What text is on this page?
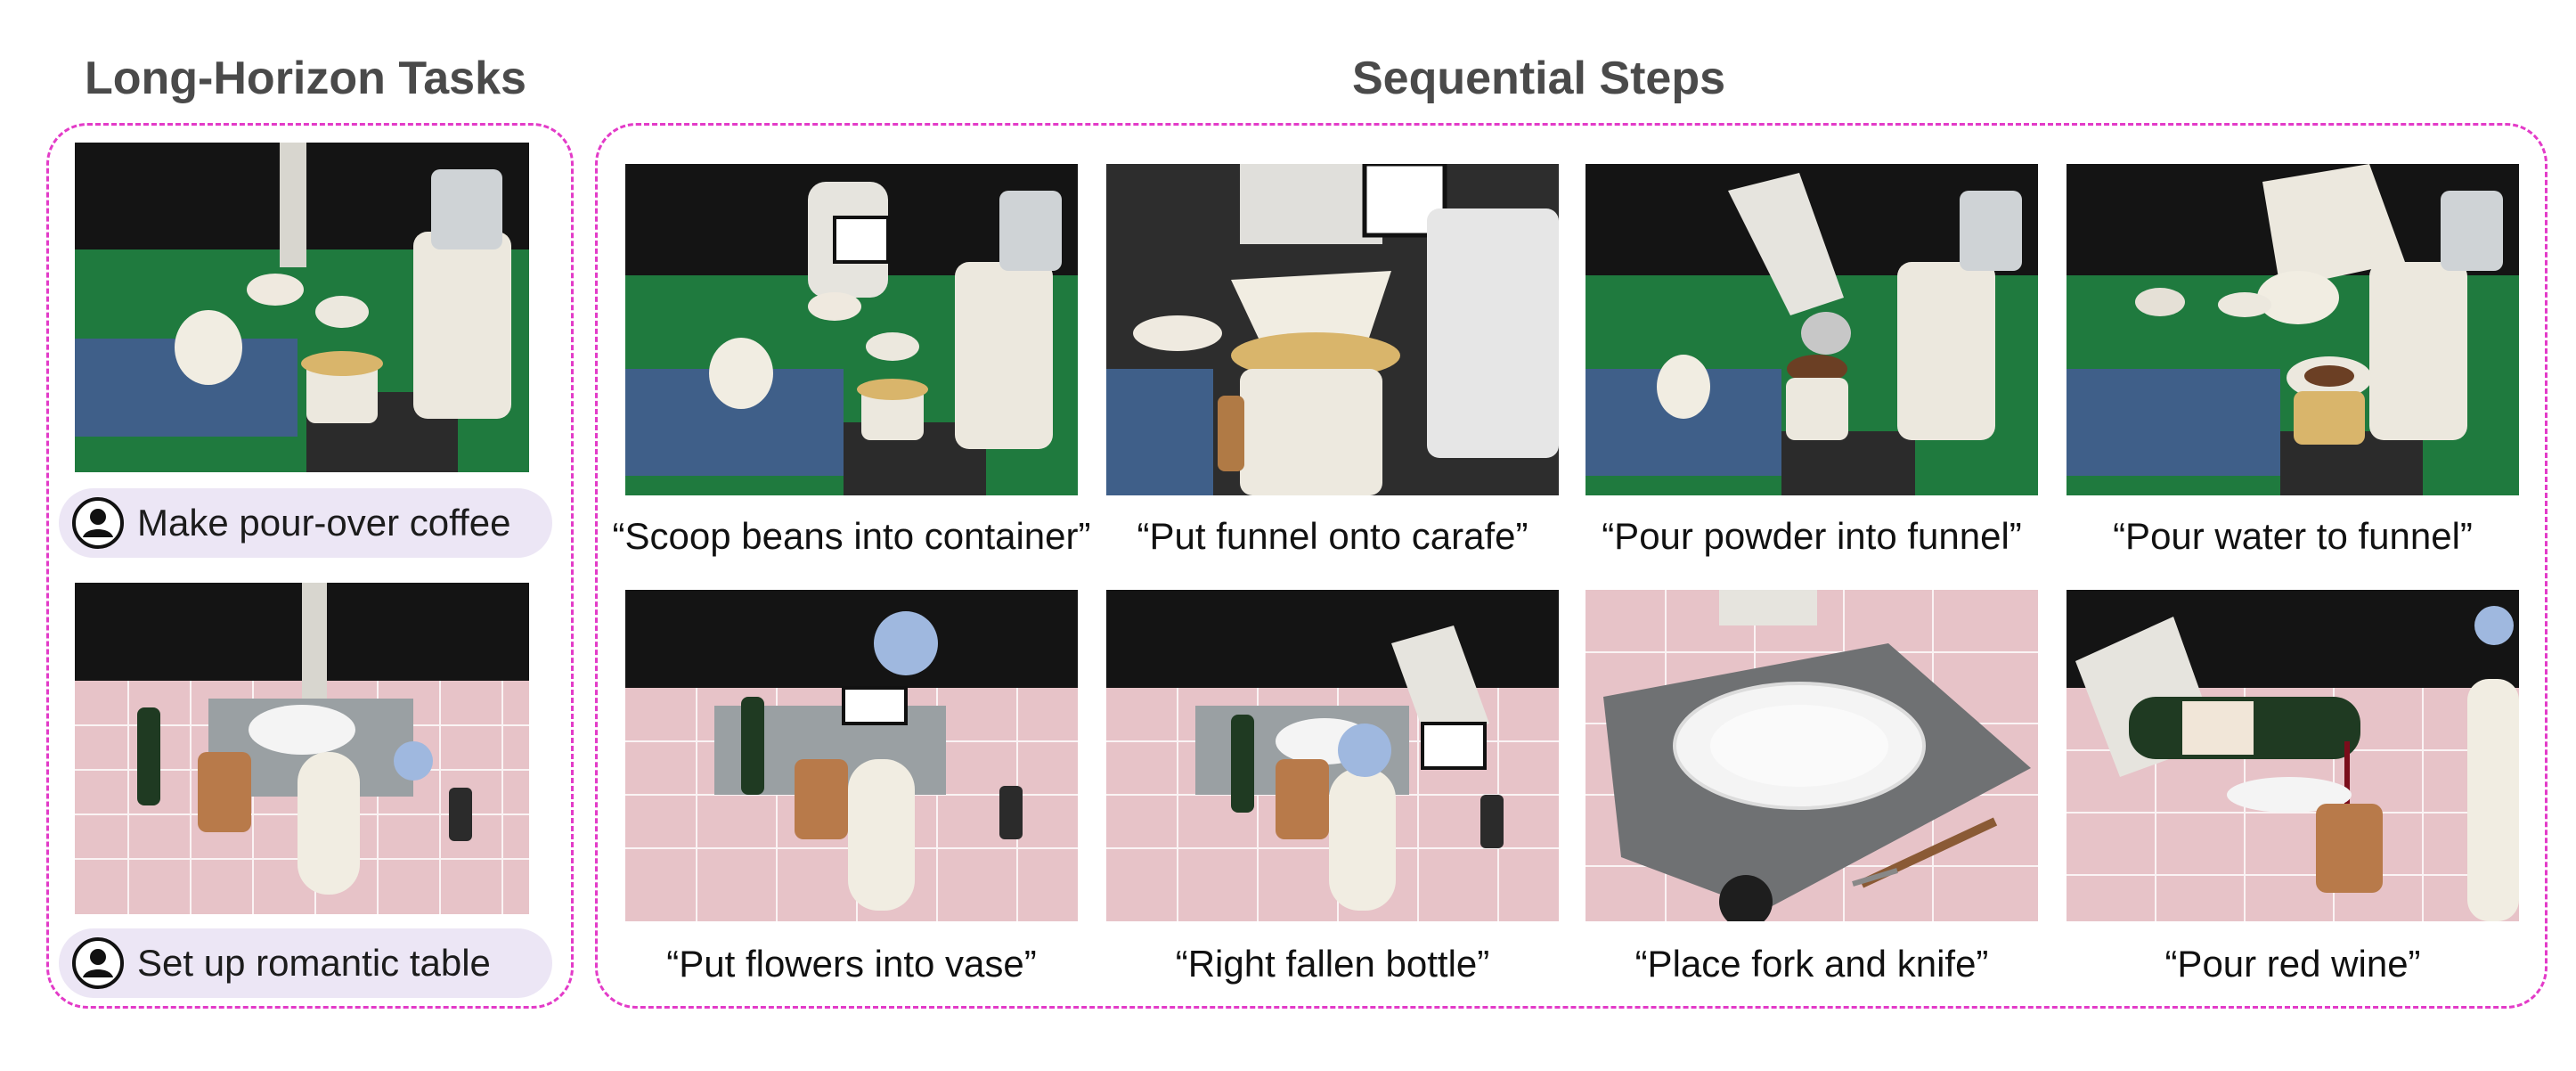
Long-Horizon Tasks	Sequential Steps
Make pour-over coffee
Set up romantic table
“Scoop beans into container”	“Put funnel onto carafe”	“Pour powder into funnel”	“Pour water to funnel”
“Put flowers into vase”	“Right fallen bottle”	“Place fork and knife”	“Pour red wine”
